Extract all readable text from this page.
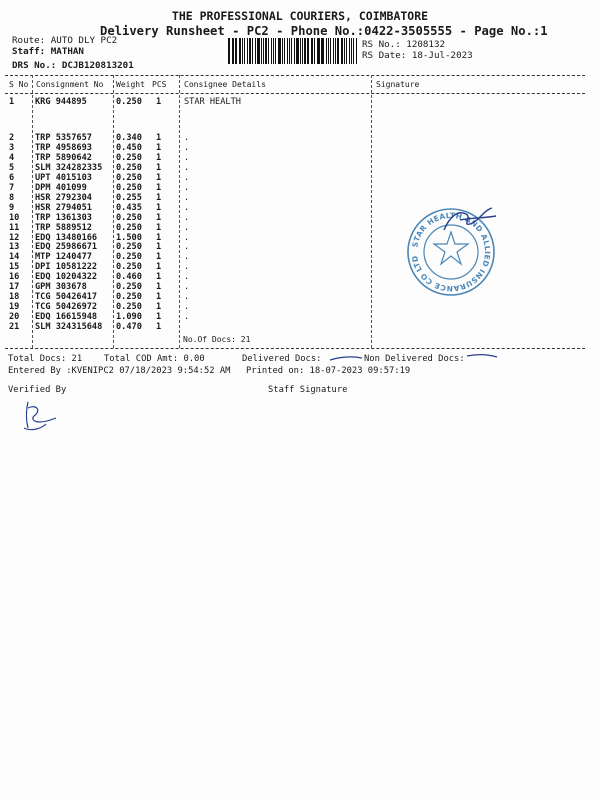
THE PROFESSIONAL COURIERS, COIMBATORE
Delivery Runsheet - PC2 - Phone No.:0422-3505555 - Page No.:1
Route: AUTO DLY PC2
Staff: MATHAN
DRS No.: DCJB120813201
RS No.: 1208132
RS Date: 18-Jul-2023
S No Consignment No Weight PCS Consignee Details	Signature
1 KRG 944895	0.250 1	STAR HEALTH
2 TRP 5357657	0.340 1	.
3 TRP 4958693	0.450 1	.
4 TRP 5890642	0.250 1	.
5 SLM 324282335 0.250 1	.
6 UPT 4015103	0.250 1	.
7 DPM 401099	0.250 1	.
8 HSR 2792304	0.255 1	.
9 HSR 2794051	0.435 1	.
10 TRP 1361303	0.250 1	.
11 TRP 5889512	0.250 1	.
12 EDQ 13480166 1.500 1	.
13 EDQ 25986671 0.250 1	.
14 MTP 1240477	0.250 1	.
15 DPI 10581222 0.250 1	.
16 EDQ 10204322 0.460 1	.
17 GPM 303678	0.250 1	.
18 TCG 50426417 0.250 1	.
19 TCG 50426972 0.250 1	.
20 EDQ 16615948 1.090 1	.
21 SLM 324315648 0.470 1
No.Of Docs: 21
STAR HEALTH AND ALLIED INSURANCE CO LTD
Total Docs: 21 Total COD Amt: 0.00	Delivered Docs:	Non Delivered Docs:
Entered By :KVENIPC2 07/18/2023 9:54:52 AM Printed on: 18-07-2023 09:57:19
Verified By	Staff Signature
